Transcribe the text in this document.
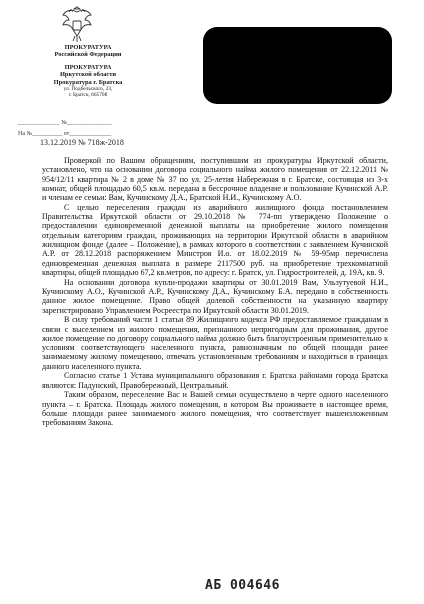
ПРОКУРАТУРА
Российской Федерации
ПРОКУРАТУРА
Иркутской области
Прокуратура г. Братска
ул. Подбельского, 23,
г. Братск, 665708
_____________ №______________
На №__________ от______________
13.12.2019 № 718ж-2018

Проверкой по Вашим обращениям, поступившим из прокуратуры Иркутской области, установлено, что на основании договора социального найма жилого помещения от 22.12.2011 № 954/12/11 квартира № 2 в доме № 37 по ул. 25-летия Набережная в г. Братске, состоящая из 3-х комнат, общей площадью 60,5 кв.м. передана в бессрочное владение и пользование Кучинской А.Р. и членам ее семьи: Вам, Кучинскому Д.А., Братской Н.И., Кучинскому А.О.

С целью переселения граждан из аварийного жилищного фонда постановлением Правительства Иркутской области от 29.10.2018 № 774-пп утверждено Положение о предоставлении единовременной денежной выплаты на приобретение жилого помещения отдельным категориям граждан, проживающих на территории Иркутской области в аварийном жилищном фонде (далее – Положение), в рамках которого в соответствии с заявлением Кучинской А.Р. от 28.12.2018 распоряжением Минстроя И.о. от 18.02.2019 № 59-95мр перечислена единовременная денежная выплата в размере 2117500 руб. на приобретение трехкомнатной квартиры, общей площадью 67,2 кв.метров, по адресу: г. Братск, ул. Гидростроителей, д. 19А, кв. 9.

На основании договора купли-продажи квартиры от 30.01.2019 Вам, Ульзутуевой Н.И., Кучинскому А.О., Кучинской А.Р., Кучинскому Д.А., Кучинскому Б.А. передано в собственность данное жилое помещение. Право общей долевой собственности на указанную квартиру зарегистрировано Управлением Росреестра по Иркутской области 30.01.2019.

В силу требований части 1 статьи 89 Жилищного кодекса РФ предоставляемое гражданам в связи с выселением из жилого помещения, признанного непригодным для проживания, другое жилое помещение по договору социального найма должно быть благоустроенным применительно к условиям соответствующего населенного пункта, равнозначным по общей площади ранее занимаемому жилому помещению, отвечать установленным требованиям и находиться в границах данного населенного пункта.

Согласно статье 1 Устава муниципального образования г. Братска районами города Братска являются: Падунский, Правобережный, Центральный.

Таким образом, переселение Вас и Вашей семьи осуществлено в черте одного населенного пункта – г. Братска. Площадь жилого помещения, в котором Вы проживаете в настоящее время, больше площади ранее занимаемого жилого помещения, что соответствует вышеизложенным требованиям Закона.

АБ 004646
